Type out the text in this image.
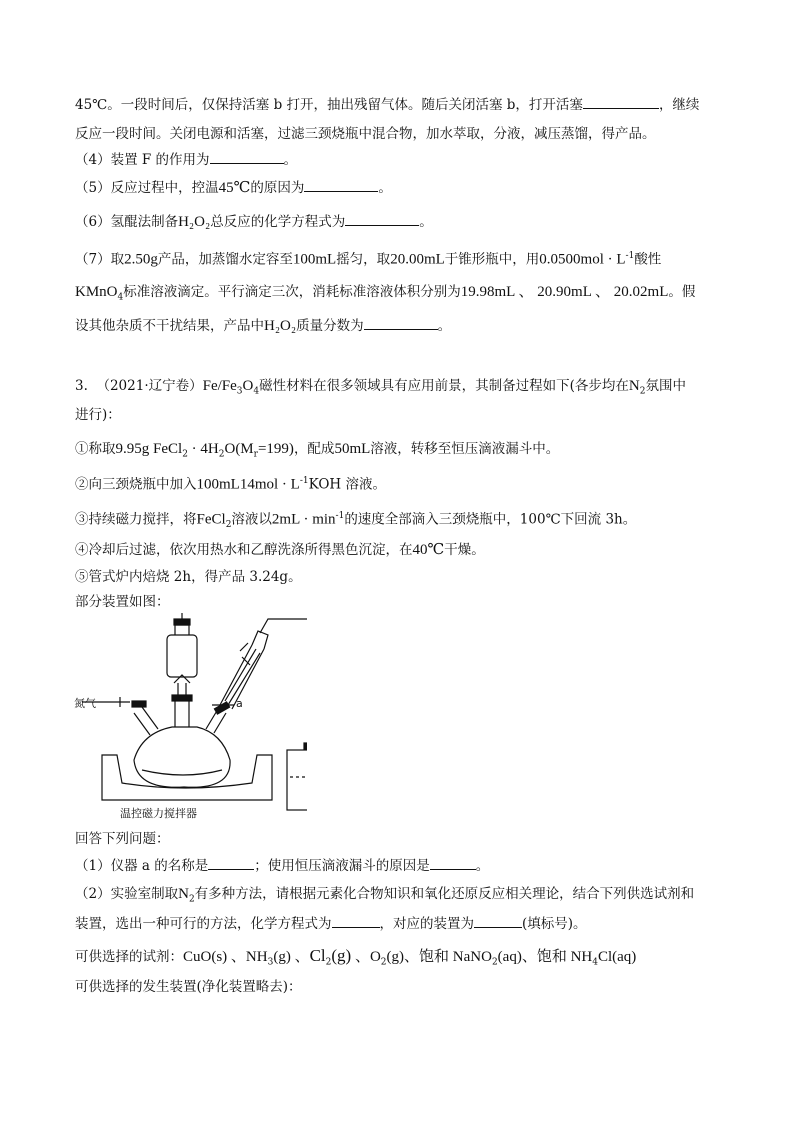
45℃。一段时间后，仅保持活塞 b 打开，抽出残留气体。随后关闭活塞 b，打开活塞	，继续
反应一段时间。关闭电源和活塞，过滤三颈烧瓶中混合物，加水萃取，分液，减压蒸馏，得产品。
（4）装置 F 的作用为	。
（5）反应过程中，控温45℃的原因为	。
（6）氢醌法制备H₂O₂总反应的化学方程式为	。
（7）取2.50g产品，加蒸馏水定容至100mL摇匀，取20.00mL于锥形瓶中，用$0.0500mol \cdot L^{-1}$酸性
KMnO$_4$标准溶液滴定。平行滴定三次，消耗标准溶液体积分别为19.98mL 、 20.90mL 、 20.02mL。假
设其他杂质不干扰结果，产品中H₂O₂质量分数为	。
3.  （2021·辽宁卷）$Fe/Fe_3O_4$磁性材料在很多领域具有应用前景，其制备过程如下(各步均在$N_2$氛围中
进行)：
①称取9.95g FeCl$_2$ · $4H_2O(M_r=199)$，配成50mL溶液，转移至恒压滴液漏斗中。
②向三颈烧瓶中加入$100mL14mol \cdot L^{-1}KOH$ 溶液。
③持续磁力搅拌，将FeCl$_2$溶液以$2mL \cdot \min^{-1}$的速度全部滴入三颈烧瓶中，100℃下回流 3h。
④冷却后过滤，依次用热水和乙醇洗涤所得黑色沉淀，在40℃干燥。
⑤管式炉内焙烧 2h，得产品 3.24g。
部分装置如图：
氮气	a
温控磁力搅拌器
回答下列问题：
（1）仪器 a 的名称是	；使用恒压滴液漏斗的原因是	。
（2）实验室制取$N_2$有多种方法，请根据元素化合物知识和氧化还原反应相关理论，结合下列供选试剂和
装置，选出一种可行的方法，化学方程式为	，对应的装置为	(填标号)。
可供选择的试剂：CuO(s) 、$NH_3(g)$ 、$Cl_2(g)$ 、$O_2(g)$、饱和 NaNO$_2$(aq)、饱和 $NH_4Cl(aq)$
可供选择的发生装置(净化装置略去)：
